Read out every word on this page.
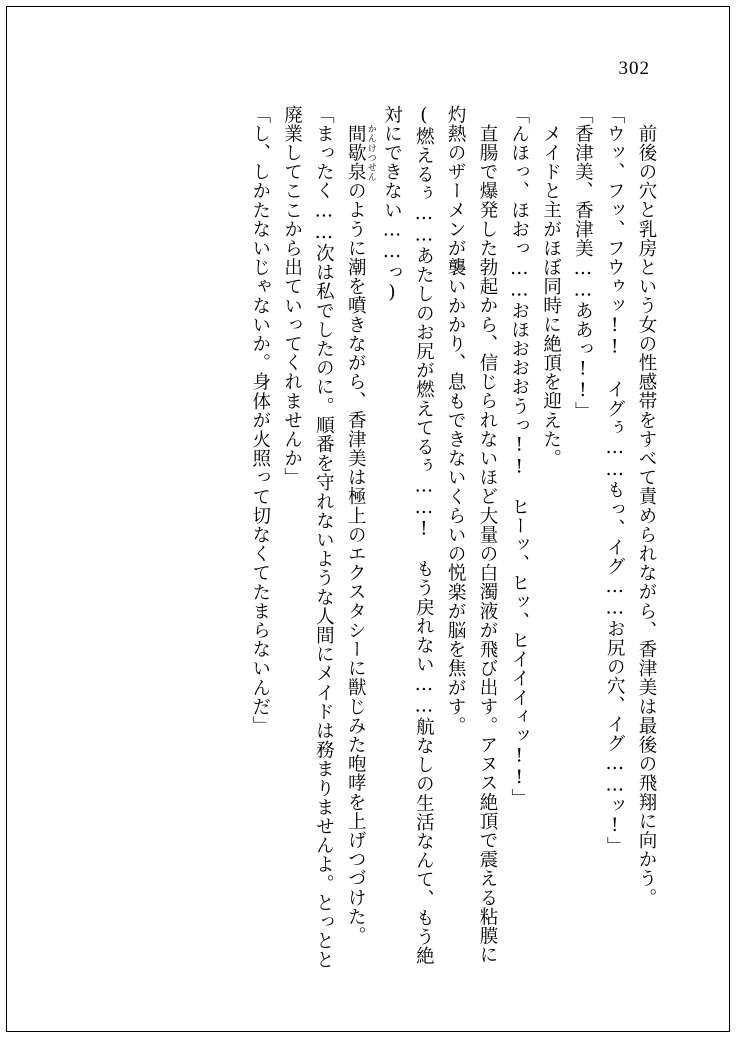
302

前後の穴と乳房という女の性感帯をすべて責められながら、香津美は最後の飛翔に向かう。

「ウッ、フッ、フウゥッ!! イグぅ……もっ、イグ……お尻の穴、イグ……ッ!」

「香津美、香津美……ああっ!!」

メイドと主がほぼ同時に絶頂を迎えた。

「んほっ、ほおっ……おほおおおうっ!!　ヒーッ、ヒッ、ヒイイイィッ!!」

直腸で爆発した勃起から、信じられないほど大量の白濁液が飛び出す。アヌス絶頂で震える粘膜に灼熱のザーメンが襲いかかり、息もできないくらいの悦楽が脳を焦がす。

(燃えるぅ……あたしのお尻が燃えてるぅ……!　もう戻れない……航なしの生活なんて、もう絶対にできない……っ)

間歇泉 かんけつせんのように潮を噴きながら、香津美は極上のエクスタシーに獣じみた咆哮を上げつづけた。

「まったく……次は私でしたのに。順番を守れないような人間にメイドは務まりませんよ。とっとと廃業してここから出ていってくれませんか」

「し、しかたないじゃないか。身体が火照って切なくてたまらないんだ」
